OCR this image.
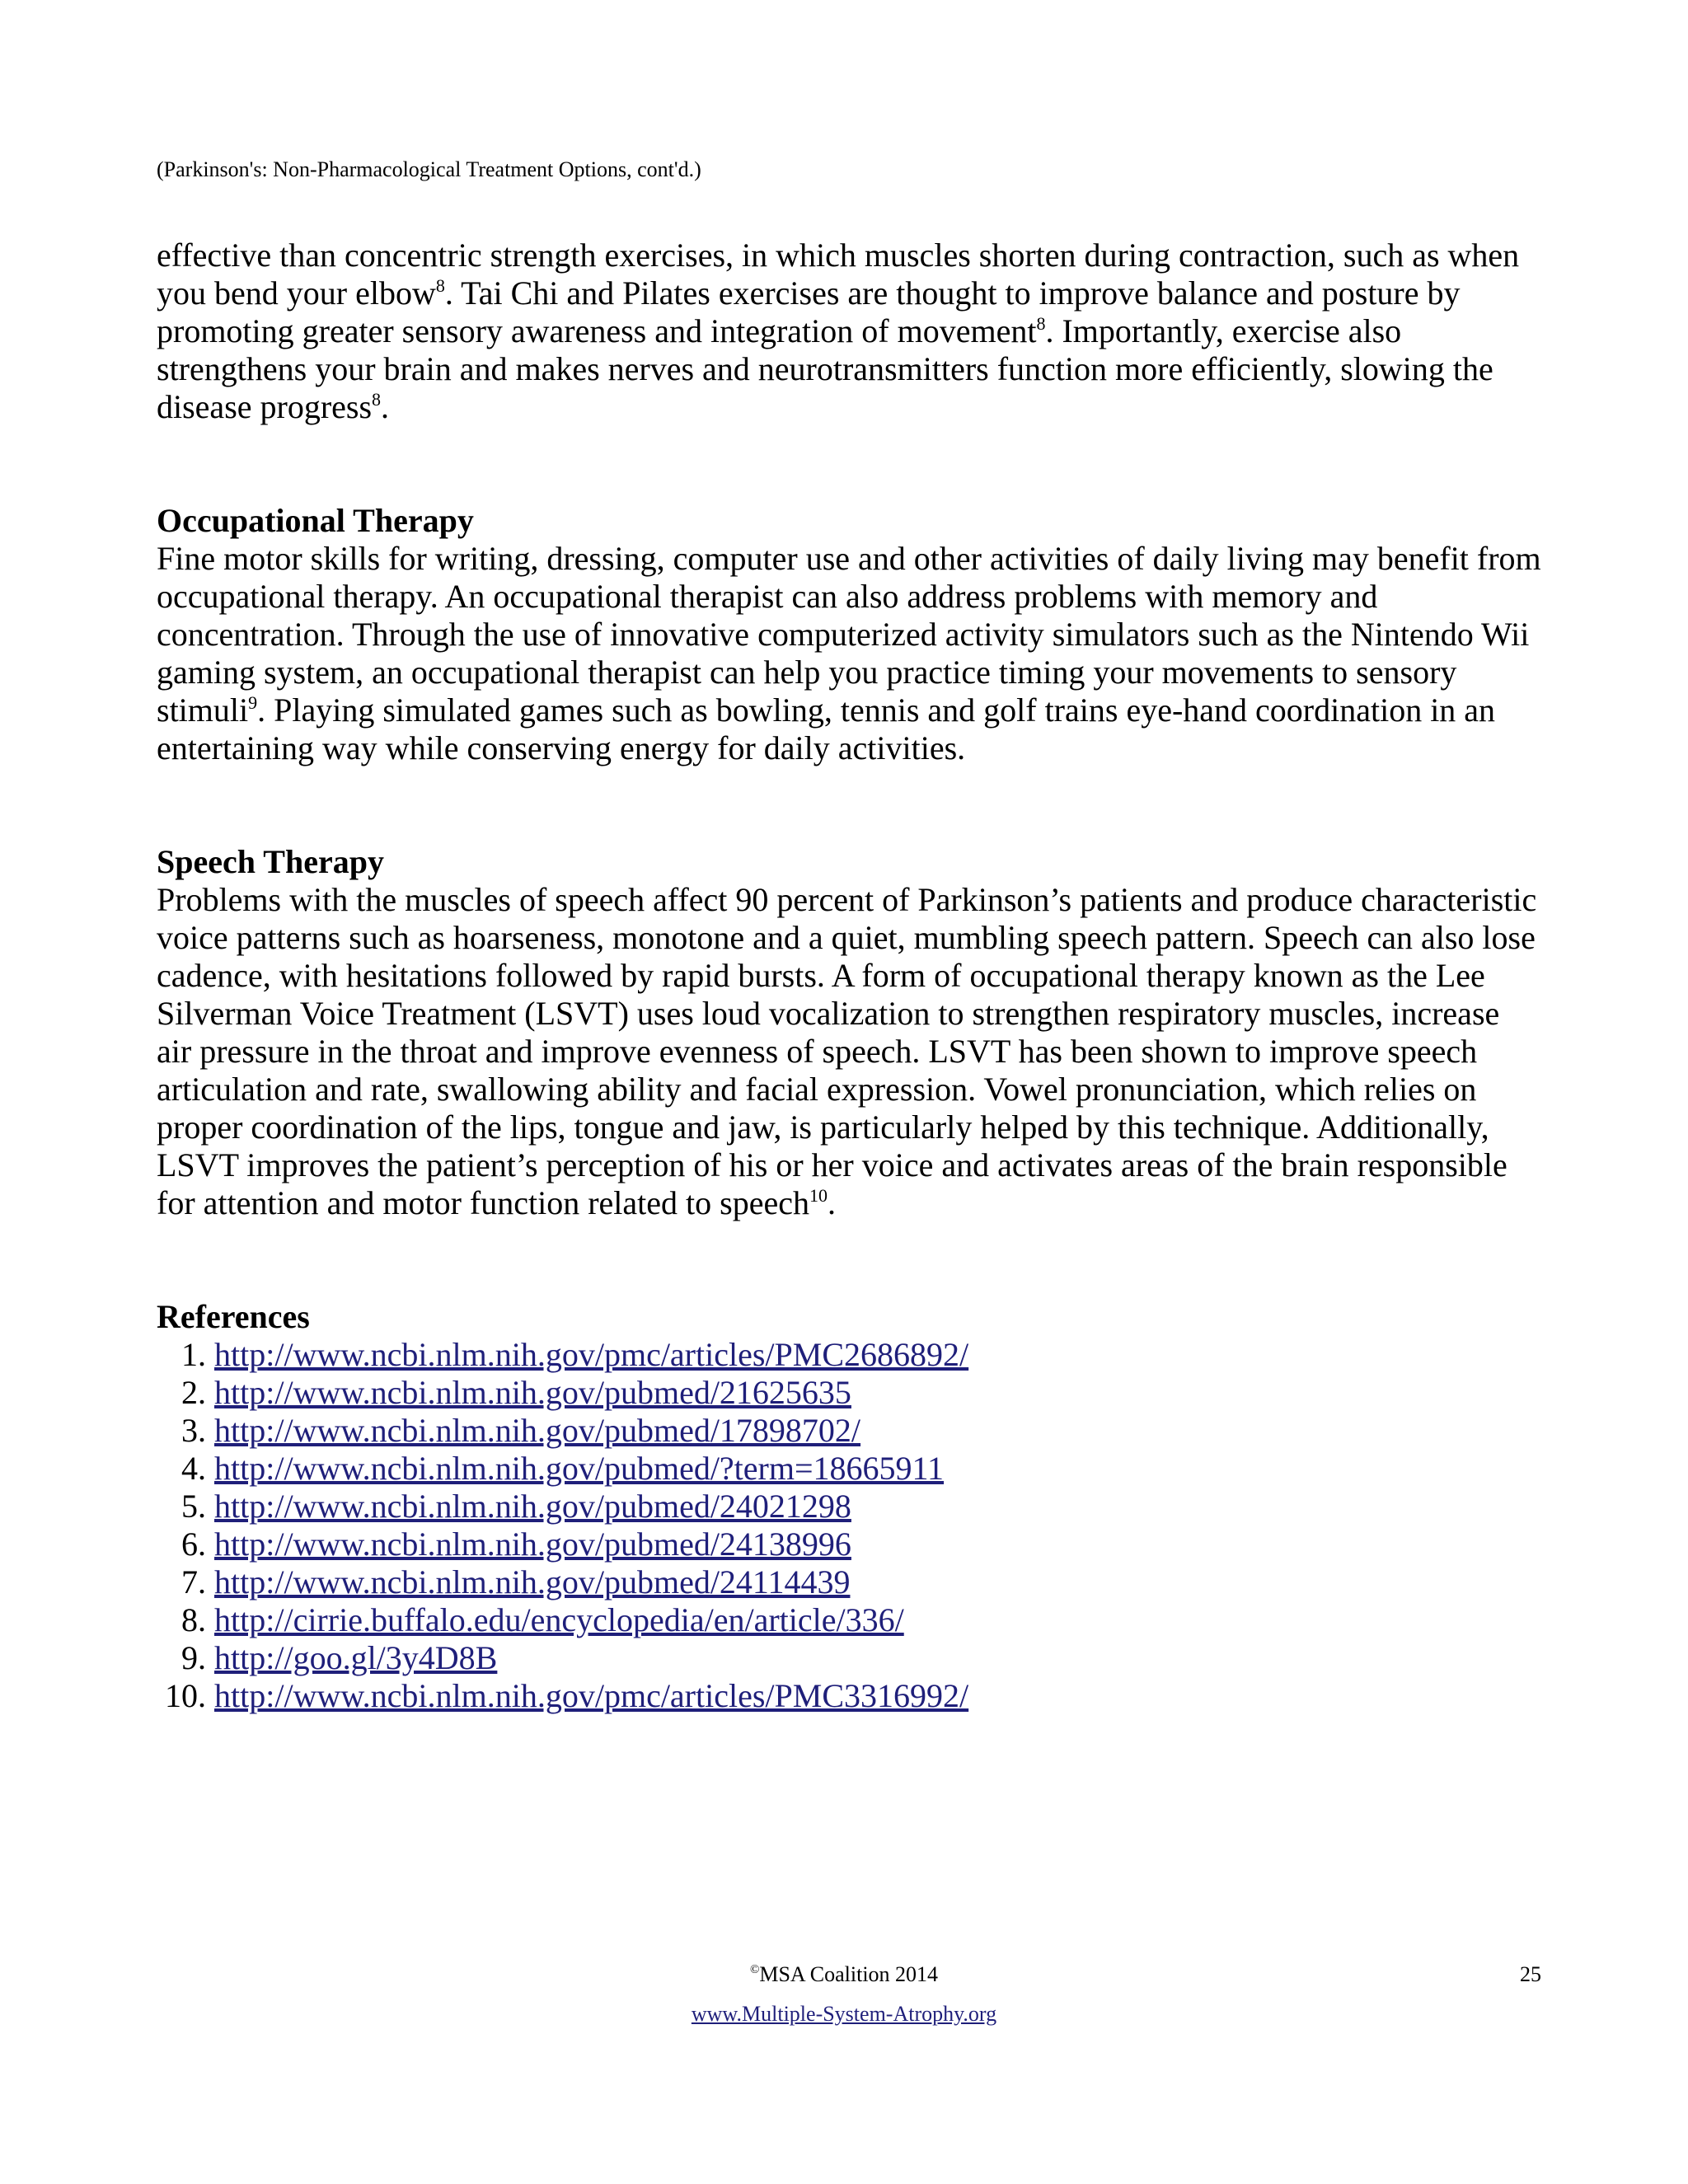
(Parkinson's: Non-Pharmacological Treatment Options, cont'd.)

effective than concentric strength exercises, in which muscles shorten during contraction, such as when you bend your elbow$^8$. Tai Chi and Pilates exercises are thought to improve balance and posture by promoting greater sensory awareness and integration of movement$^8$. Importantly, exercise also strengthens your brain and makes nerves and neurotransmitters function more efficiently, slowing the disease progress$^8$.

Occupational Therapy

Fine motor skills for writing, dressing, computer use and other activities of daily living may benefit from occupational therapy. An occupational therapist can also address problems with memory and concentration. Through the use of innovative computerized activity simulators such as the Nintendo Wii gaming system, an occupational therapist can help you practice timing your movements to sensory stimuli$^9$. Playing simulated games such as bowling, tennis and golf trains eye-hand coordination in an entertaining way while conserving energy for daily activities.

Speech Therapy

Problems with the muscles of speech affect 90 percent of Parkinson’s patients and produce characteristic voice patterns such as hoarseness, monotone and a quiet, mumbling speech pattern. Speech can also lose cadence, with hesitations followed by rapid bursts. A form of occupational therapy known as the Lee Silverman Voice Treatment (LSVT) uses loud vocalization to strengthen respiratory muscles, increase air pressure in the throat and improve evenness of speech. LSVT has been shown to improve speech articulation and rate, swallowing ability and facial expression. Vowel pronunciation, which relies on proper coordination of the lips, tongue and jaw, is particularly helped by this technique. Additionally, LSVT improves the patient’s perception of his or her voice and activates areas of the brain responsible for attention and motor function related to speech$^{10}$.

References

1.
http://www.ncbi.nlm.nih.gov/pmc/articles/PMC2686892/
2.
http://www.ncbi.nlm.nih.gov/pubmed/21625635
3.
http://www.ncbi.nlm.nih.gov/pubmed/17898702/
4.
http://www.ncbi.nlm.nih.gov/pubmed/?term=18665911
5.
http://www.ncbi.nlm.nih.gov/pubmed/24021298
6.
http://www.ncbi.nlm.nih.gov/pubmed/24138996
7.
http://www.ncbi.nlm.nih.gov/pubmed/24114439
8.
http://cirrie.buffalo.edu/encyclopedia/en/article/336/
9.
http://goo.gl/3y4D8B
10.
http://www.ncbi.nlm.nih.gov/pmc/articles/PMC3316992/
©MSA Coalition 2014	25
www.Multiple-System-Atrophy.org
